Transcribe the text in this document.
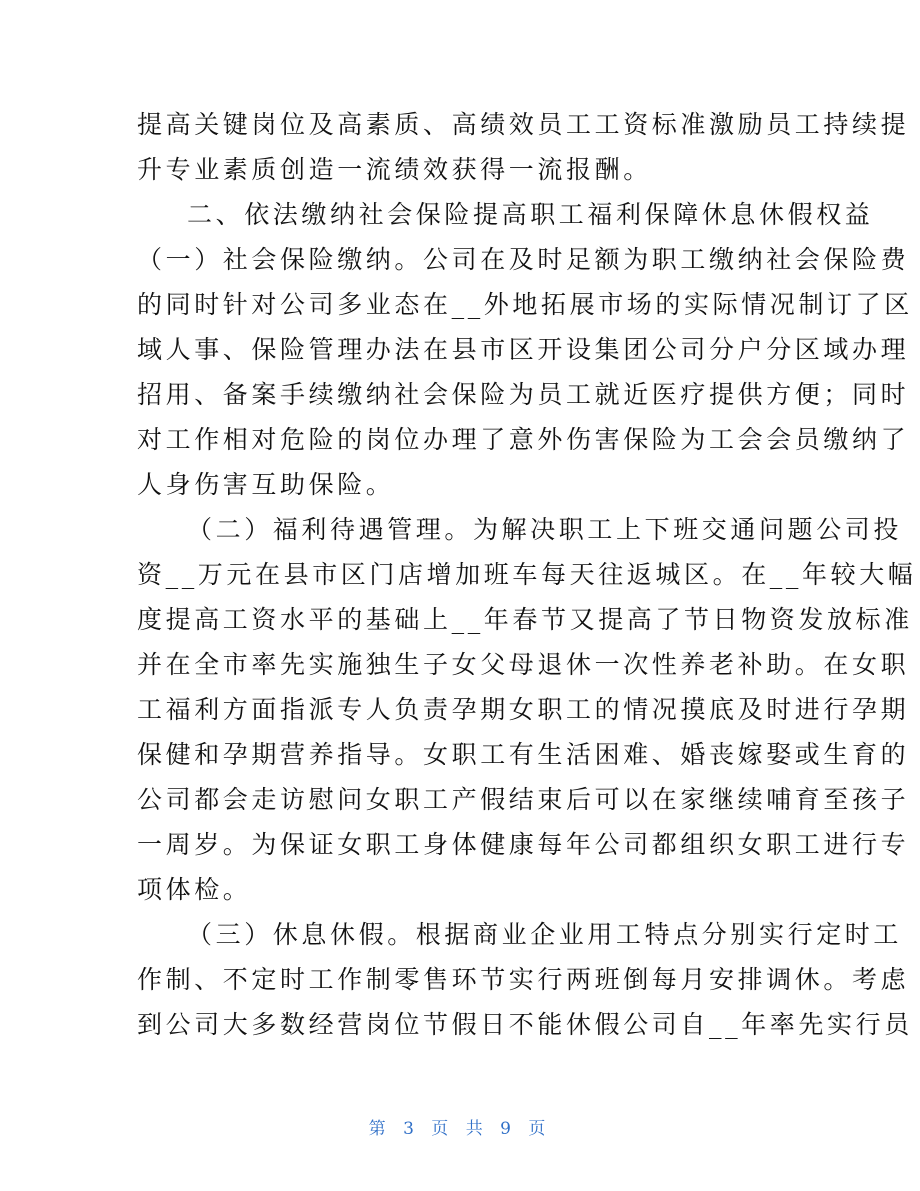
提高关键岗位及高素质、高绩效员工工资标准激励员工持续提
升专业素质创造一流绩效获得一流报酬。
二、依法缴纳社会保险提高职工福利保障休息休假权益
（一）社会保险缴纳。公司在及时足额为职工缴纳社会保险费
的同时针对公司多业态在__外地拓展市场的实际情况制订了区
域人事、保险管理办法在县市区开设集团公司分户分区域办理
招用、备案手续缴纳社会保险为员工就近医疗提供方便；同时
对工作相对危险的岗位办理了意外伤害保险为工会会员缴纳了
人身伤害互助保险。
（二）福利待遇管理。为解决职工上下班交通问题公司投
资__万元在县市区门店增加班车每天往返城区。在__年较大幅
度提高工资水平的基础上__年春节又提高了节日物资发放标准
并在全市率先实施独生子女父母退休一次性养老补助。在女职
工福利方面指派专人负责孕期女职工的情况摸底及时进行孕期
保健和孕期营养指导。女职工有生活困难、婚丧嫁娶或生育的
公司都会走访慰问女职工产假结束后可以在家继续哺育至孩子
一周岁。为保证女职工身体健康每年公司都组织女职工进行专
项体检。
（三）休息休假。根据商业企业用工特点分别实行定时工
作制、不定时工作制零售环节实行两班倒每月安排调休。考虑
到公司大多数经营岗位节假日不能休假公司自__年率先实行员
第 3 页 共 9 页
